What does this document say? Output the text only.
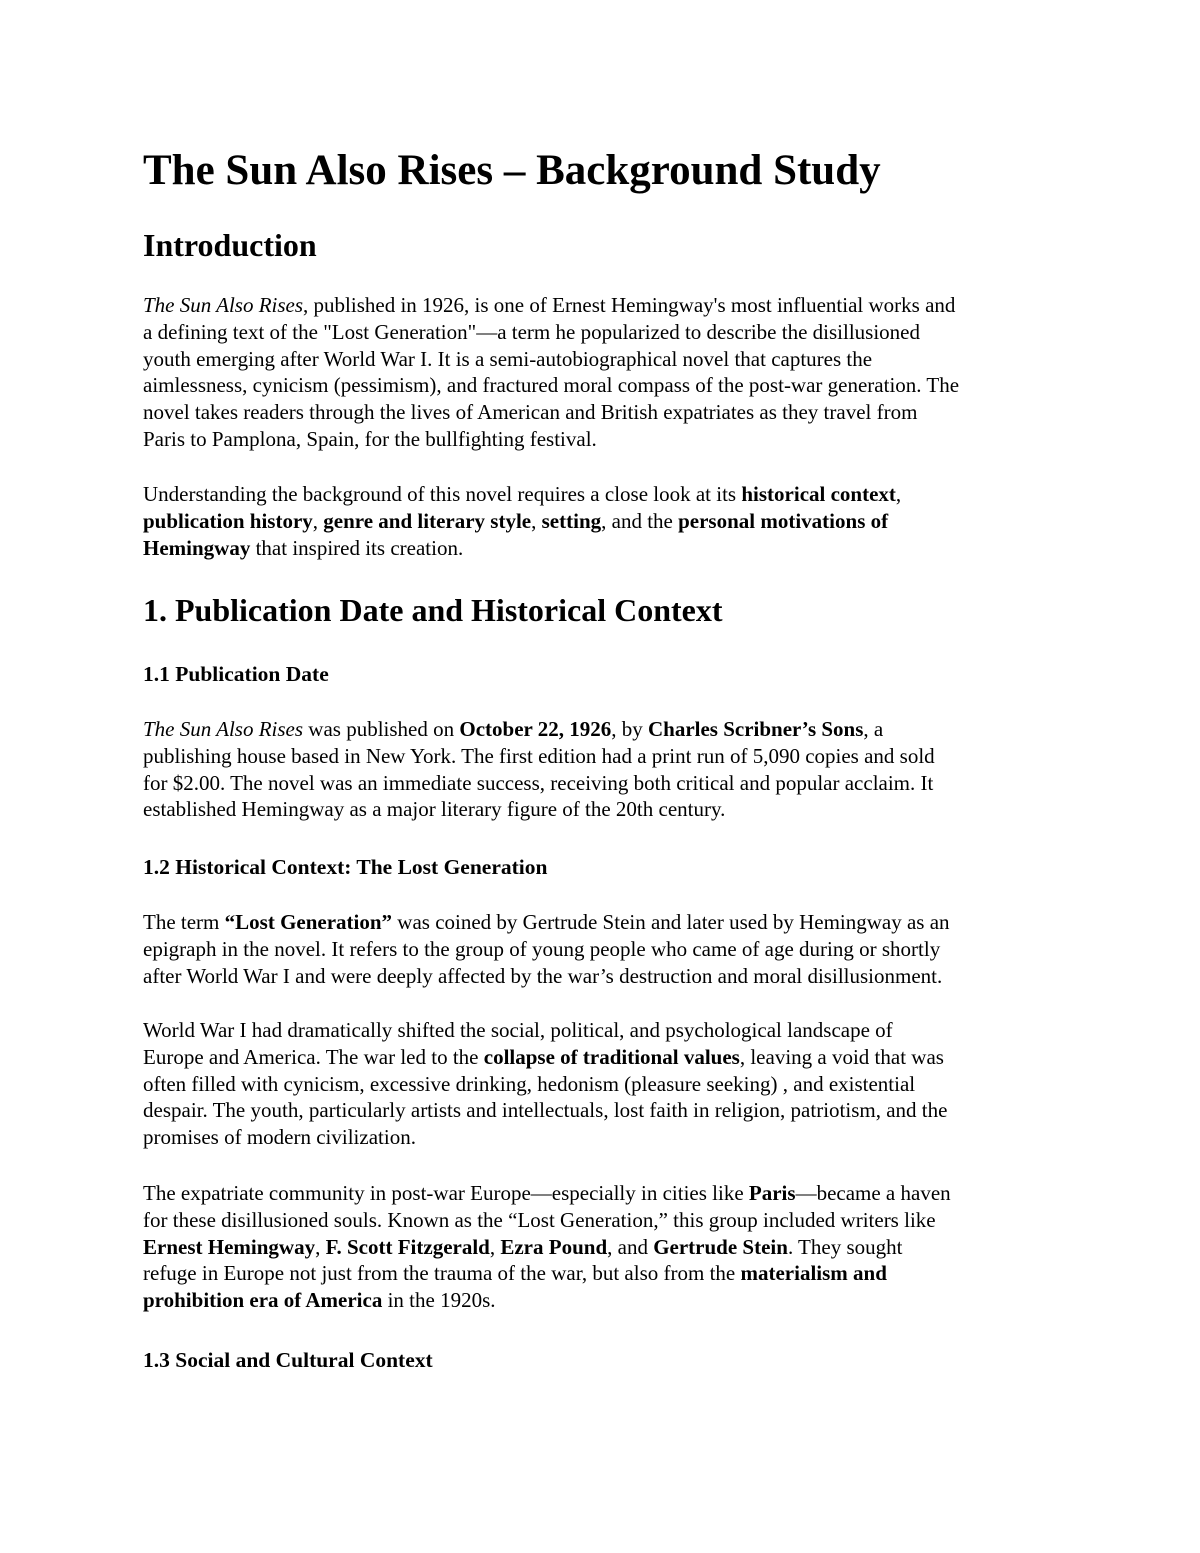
The Sun Also Rises – Background Study
Introduction
The Sun Also Rises, published in 1926, is one of Ernest Hemingway's most influential works and
a defining text of the "Lost Generation"—a term he popularized to describe the disillusioned
youth emerging after World War I. It is a semi-autobiographical novel that captures the
aimlessness, cynicism (pessimism), and fractured moral compass of the post-war generation. The
novel takes readers through the lives of American and British expatriates as they travel from
Paris to Pamplona, Spain, for the bullfighting festival.
Understanding the background of this novel requires a close look at its historical context,
publication history, genre and literary style, setting, and the personal motivations of
Hemingway that inspired its creation.
1. Publication Date and Historical Context
1.1 Publication Date
The Sun Also Rises was published on October 22, 1926, by Charles Scribner’s Sons, a
publishing house based in New York. The first edition had a print run of 5,090 copies and sold
for $2.00. The novel was an immediate success, receiving both critical and popular acclaim. It
established Hemingway as a major literary figure of the 20th century.
1.2 Historical Context: The Lost Generation
The term “Lost Generation” was coined by Gertrude Stein and later used by Hemingway as an
epigraph in the novel. It refers to the group of young people who came of age during or shortly
after World War I and were deeply affected by the war’s destruction and moral disillusionment.
World War I had dramatically shifted the social, political, and psychological landscape of
Europe and America. The war led to the collapse of traditional values, leaving a void that was
often filled with cynicism, excessive drinking, hedonism (pleasure seeking) , and existential
despair. The youth, particularly artists and intellectuals, lost faith in religion, patriotism, and the
promises of modern civilization.
The expatriate community in post-war Europe—especially in cities like Paris—became a haven
for these disillusioned souls. Known as the “Lost Generation,” this group included writers like
Ernest Hemingway, F. Scott Fitzgerald, Ezra Pound, and Gertrude Stein. They sought
refuge in Europe not just from the trauma of the war, but also from the materialism and
prohibition era of America in the 1920s.
1.3 Social and Cultural Context
